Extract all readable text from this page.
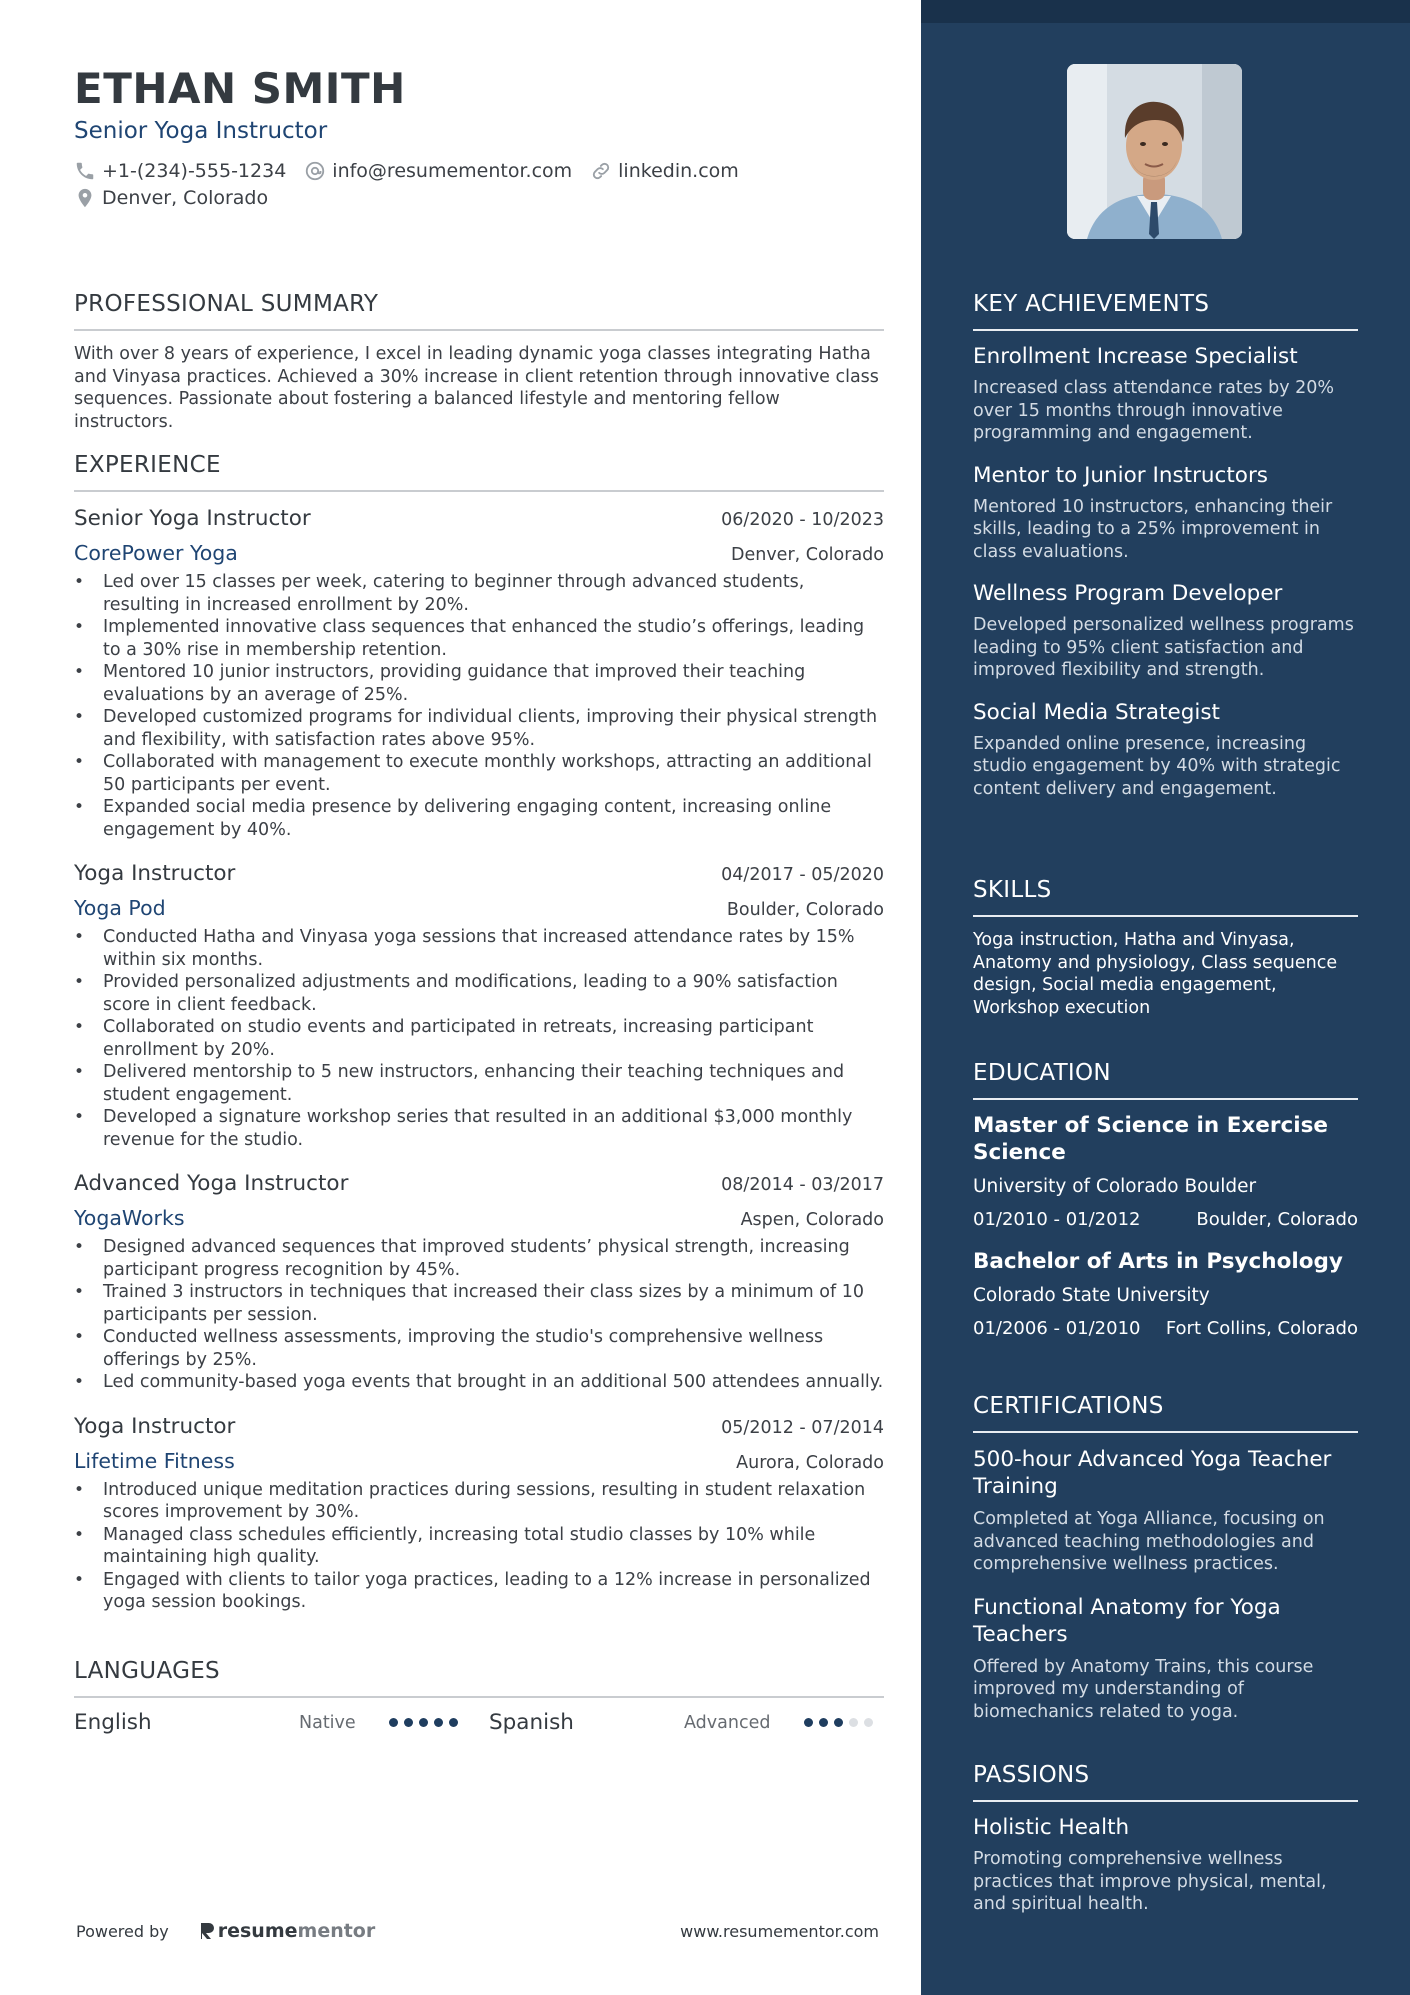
ETHAN SMITH
Senior Yoga Instructor
+1-(234)-555-1234 info@resumementor.com linkedin.com
Denver, Colorado
PROFESSIONAL SUMMARY
With over 8 years of experience, I excel in leading dynamic yoga classes integrating Hatha and Vinyasa practices. Achieved a 30% increase in client retention through innovative class sequences. Passionate about fostering a balanced lifestyle and mentoring fellow instructors.
EXPERIENCE
Senior Yoga Instructor	06/2020 - 10/2023
CorePower Yoga	Denver, Colorado
• Led over 15 classes per week, catering to beginner through advanced students, resulting in increased enrollment by 20%.
• Implemented innovative class sequences that enhanced the studio’s offerings, leading to a 30% rise in membership retention.
• Mentored 10 junior instructors, providing guidance that improved their teaching evaluations by an average of 25%.
• Developed customized programs for individual clients, improving their physical strength and flexibility, with satisfaction rates above 95%.
• Collaborated with management to execute monthly workshops, attracting an additional 50 participants per event.
• Expanded social media presence by delivering engaging content, increasing online engagement by 40%.
Yoga Instructor	04/2017 - 05/2020
Yoga Pod	Boulder, Colorado
• Conducted Hatha and Vinyasa yoga sessions that increased attendance rates by 15% within six months.
• Provided personalized adjustments and modifications, leading to a 90% satisfaction score in client feedback.
• Collaborated on studio events and participated in retreats, increasing participant enrollment by 20%.
• Delivered mentorship to 5 new instructors, enhancing their teaching techniques and student engagement.
• Developed a signature workshop series that resulted in an additional $3,000 monthly revenue for the studio.
Advanced Yoga Instructor	08/2014 - 03/2017
YogaWorks	Aspen, Colorado
• Designed advanced sequences that improved students’ physical strength, increasing participant progress recognition by 45%.
• Trained 3 instructors in techniques that increased their class sizes by a minimum of 10 participants per session.
• Conducted wellness assessments, improving the studio's comprehensive wellness offerings by 25%.
• Led community-based yoga events that brought in an additional 500 attendees annually.
Yoga Instructor	05/2012 - 07/2014
Lifetime Fitness	Aurora, Colorado
• Introduced unique meditation practices during sessions, resulting in student relaxation scores improvement by 30%.
• Managed class schedules efficiently, increasing total studio classes by 10% while maintaining high quality.
• Engaged with clients to tailor yoga practices, leading to a 12% increase in personalized yoga session bookings.
LANGUAGES
English	Native	Spanish	Advanced
Powered by	resume mentor	www.resumementor.com
KEY ACHIEVEMENTS
Enrollment Increase Specialist
Increased class attendance rates by 20% over 15 months through innovative programming and engagement.
Mentor to Junior Instructors
Mentored 10 instructors, enhancing their skills, leading to a 25% improvement in class evaluations.
Wellness Program Developer
Developed personalized wellness programs leading to 95% client satisfaction and improved flexibility and strength.
Social Media Strategist
Expanded online presence, increasing studio engagement by 40% with strategic content delivery and engagement.
SKILLS
Yoga instruction, Hatha and Vinyasa, Anatomy and physiology, Class sequence design, Social media engagement, Workshop execution
EDUCATION
Master of Science in Exercise Science
University of Colorado Boulder
01/2010 - 01/2012	Boulder, Colorado
Bachelor of Arts in Psychology
Colorado State University
01/2006 - 01/2010 Fort Collins, Colorado
CERTIFICATIONS
500-hour Advanced Yoga Teacher Training
Completed at Yoga Alliance, focusing on advanced teaching methodologies and comprehensive wellness practices.
Functional Anatomy for Yoga Teachers
Offered by Anatomy Trains, this course improved my understanding of biomechanics related to yoga.
PASSIONS
Holistic Health
Promoting comprehensive wellness practices that improve physical, mental, and spiritual health.
